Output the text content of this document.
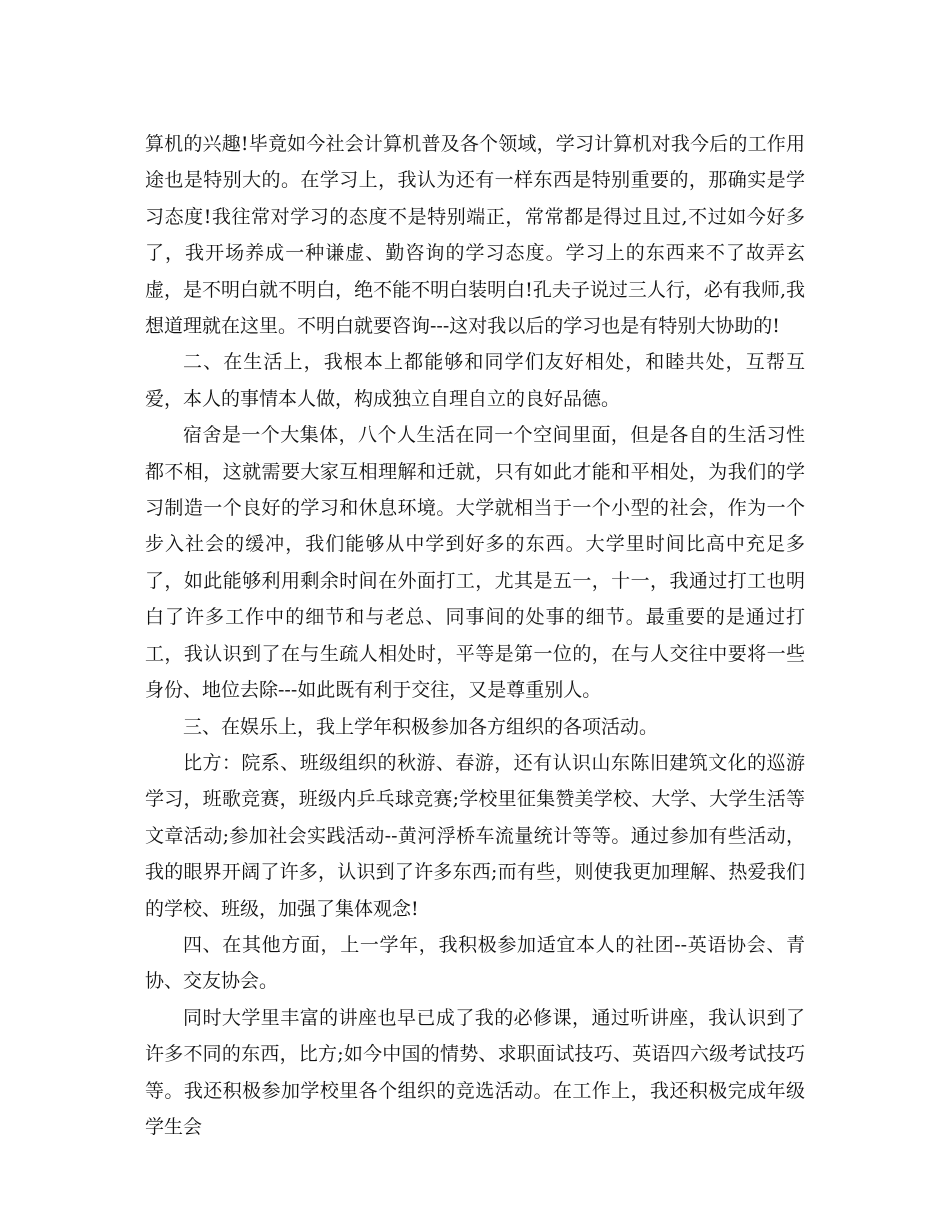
算机的兴趣!毕竟如今社会计算机普及各个领域，学习计算机对我今后的工作用途也是特别大的。在学习上，我认为还有一样东西是特别重要的，那确实是学习态度!我往常对学习的态度不是特别端正，常常都是得过且过,不过如今好多了，我开场养成一种谦虚、勤咨询的学习态度。学习上的东西来不了故弄玄虚，是不明白就不明白，绝不能不明白装明白!孔夫子说过三人行，必有我师,我想道理就在这里。不明白就要咨询---这对我以后的学习也是有特别大协助的!

二、在生活上，我根本上都能够和同学们友好相处，和睦共处，互帮互爱，本人的事情本人做，构成独立自理自立的良好品德。

宿舍是一个大集体，八个人生活在同一个空间里面，但是各自的生活习性都不相，这就需要大家互相理解和迁就，只有如此才能和平相处，为我们的学习制造一个良好的学习和休息环境。大学就相当于一个小型的社会，作为一个步入社会的缓冲，我们能够从中学到好多的东西。大学里时间比高中充足多了，如此能够利用剩余时间在外面打工，尤其是五一，十一，我通过打工也明白了许多工作中的细节和与老总、同事间的处事的细节。最重要的是通过打工，我认识到了在与生疏人相处时，平等是第一位的，在与人交往中要将一些身份、地位去除---如此既有利于交往，又是尊重别人。

三、在娱乐上，我上学年积极参加各方组织的各项活动。

比方：院系、班级组织的秋游、春游，还有认识山东陈旧建筑文化的巡游学习，班歌竞赛，班级内乒乓球竞赛;学校里征集赞美学校、大学、大学生活等文章活动;参加社会实践活动--黄河浮桥车流量统计等等。通过参加有些活动，我的眼界开阔了许多，认识到了许多东西;而有些，则使我更加理解、热爱我们的学校、班级，加强了集体观念!

四、在其他方面，上一学年，我积极参加适宜本人的社团--英语协会、青协、交友协会。

同时大学里丰富的讲座也早已成了我的必修课，通过听讲座，我认识到了许多不同的东西，比方;如今中国的情势、求职面试技巧、英语四六级考试技巧等。我还积极参加学校里各个组织的竞选活动。在工作上，我还积极完成年级学生会
